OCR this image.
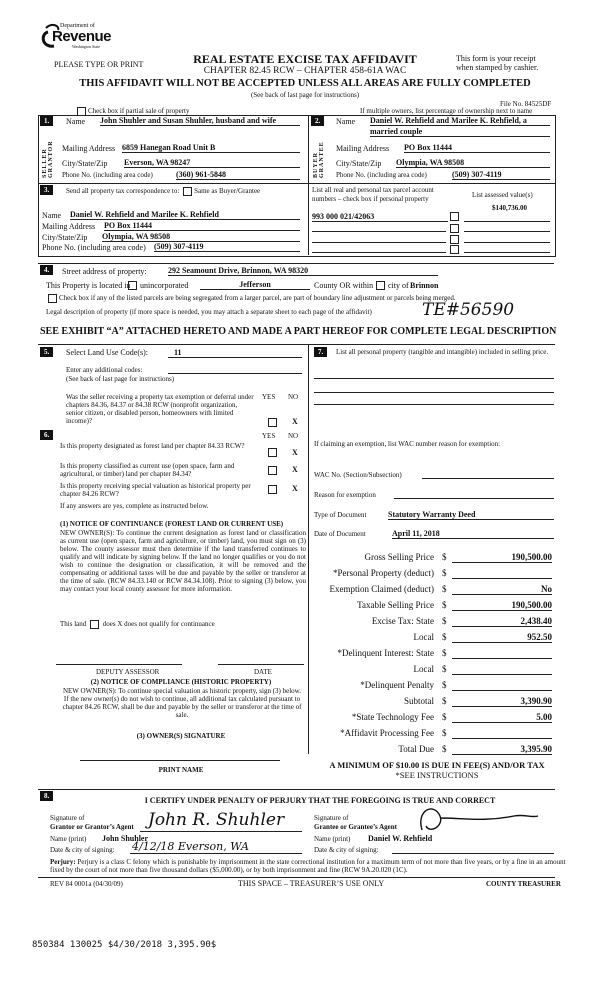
Department of
Revenue
Washington State
PLEASE TYPE OR PRINT	REAL ESTATE EXCISE TAX AFFIDAVIT
CHAPTER 82.45 RCW – CHAPTER 458-61A WAC
This form is your receipt
when stamped by cashier.
THIS AFFIDAVIT WILL NOT BE ACCEPTED UNLESS ALL AREAS ARE FULLY COMPLETED
(See back of last page for instructions)
File No. 84525DF
Check box if partial sale of property	If multiple owners, list percentage of ownership next to name
1.
SELLER GRANTOR
Name John Shuhler and Susan Shuhler, husband and wife
Mailing Address 6859 Hanegan Road Unit B
City/State/Zip Everson, WA 98247
Phone No. (including area code)	(360) 961-5848
2.
BUYER GRANTEE
Name Daniel W. Rehfield and Marilee K. Rehfield, a
married couple
Mailing Address PO Box 11444
City/State/Zip Olympia, WA 98508
Phone No. (including area code)	(509) 307-4119
3.	Send all property tax correspondence to: Same as Buyer/Grantee
Name Daniel W. Rehfield and Marilee K. Rehfield
Mailing Address PO Box 11444
City/State/Zip Olympia, WA 98508
Phone No. (including area code) (509) 307-4119
List all real and personal tax parcel account
numbers – check box if personal property	List assessed value(s)
$140,736.00
993 000 021/42063
4.	Street address of property:	292 Seamount Drive, Brinnon, WA 98320
This Property is located in unincorporated	Jefferson	County OR within city of Brinnon
Check box if any of the listed parcels are being segregated from a larger parcel, are part of boundary line adjustment or parcels being merged.
Legal description of property (if more space is needed, you may attach a separate sheet to each page of the affidavit)	TE#56590
SEE EXHIBIT “A” ATTACHED HERETO AND MADE A PART HEREOF FOR COMPLETE LEGAL DESCRIPTION
5.	Select Land Use Code(s):	11
Enter any additional codes:
(See back of last page for instructions)
YES NO
Was the seller receiving a property tax exemption or deferral under chapters 84.36, 84.37 or 84.38 RCW (nonprofit organization, senior citizen, or disabled person, homeowners with limited income)?	X
6.	YES NO
Is this property designated as forest land per chapter 84.33 RCW?
X
Is this property classified as current use (open space, farm and agricultural, or timber) land per chapter 84.34?	X
Is this property receiving special valuation as historical property per chapter 84.26 RCW?
X
If any answers are yes, complete as instructed below.
(1) NOTICE OF CONTINUANCE (FOREST LAND OR CURRENT USE)
NEW OWNER(S): To continue the current designation as forest land or classification as current use (open space, farm and agriculture, or timber) land, you must sign on (3) below. The county assessor must then determine if the land transferred continues to qualify and will indicate by signing below. If the land no longer qualifies or you do not wish to continue the designation or classification, it will be removed and the compensating or additional taxes will be due and payable by the seller or transferor at the time of sale. (RCW 84.33.140 or RCW 84.34.108). Prior to signing (3) below, you may contact your local county assessor for more information.
This land does X does not qualify for continuance
DEPUTY ASSESSOR	DATE
(2) NOTICE OF COMPLIANCE (HISTORIC PROPERTY)
NEW OWNER(S): To continue special valuation as historic property, sign (3) below. If the new owner(s) do not wish to continue, all additional tax calculated pursuant to chapter 84.26 RCW, shall be due and payable by the seller or transferor at the time of sale.
(3) OWNER(S) SIGNATURE
PRINT NAME
7.	List all personal property (tangible and intangible) included in selling price.
If claiming an exemption, list WAC number reason for exemption:
WAC No. (Section/Subsection)
Reason for exemption
Type of Document	Statutory Warranty Deed
Date of Document	April 11, 2018
Gross Selling Price $	190,500.00
*Personal Property (deduct) $
Exemption Claimed (deduct) $	No
Taxable Selling Price $	190,500.00
Excise Tax: State $	2,438.40
Local $	952.50
*Delinquent Interest: State $
Local $
*Delinquent Penalty $
Subtotal $	3,390.90
*State Technology Fee $	5.00
*Affidavit Processing Fee $
Total Due $	3,395.90
A MINIMUM OF $10.00 IS DUE IN FEE(S) AND/OR TAX
*SEE INSTRUCTIONS
8.	I CERTIFY UNDER PENALTY OF PERJURY THAT THE FOREGOING IS TRUE AND CORRECT
Signature of
Grantor or Grantor’s Agent John R. Shuhler
Name (print) John Shuhler
Date & city of signing: 4/12/18 Everson, WA
Signature of
Grantee or Grantee’s Agent
Name (print) Daniel W. Rehfield
Date & city of signing:
Perjury: Perjury is a class C felony which is punishable by imprisonment in the state correctional institution for a maximum term of not more than five years, or by a fine in an amount fixed by the court of not more than five thousand dollars ($5,000.00), or by both imprisonment and fine (RCW 9A.20.020 (1C).
REV 84 0001a (04/30/09)	THIS SPACE – TREASURER’S USE ONLY	COUNTY TREASURER
850384 130025 $4/30/2018 3,395.90$
